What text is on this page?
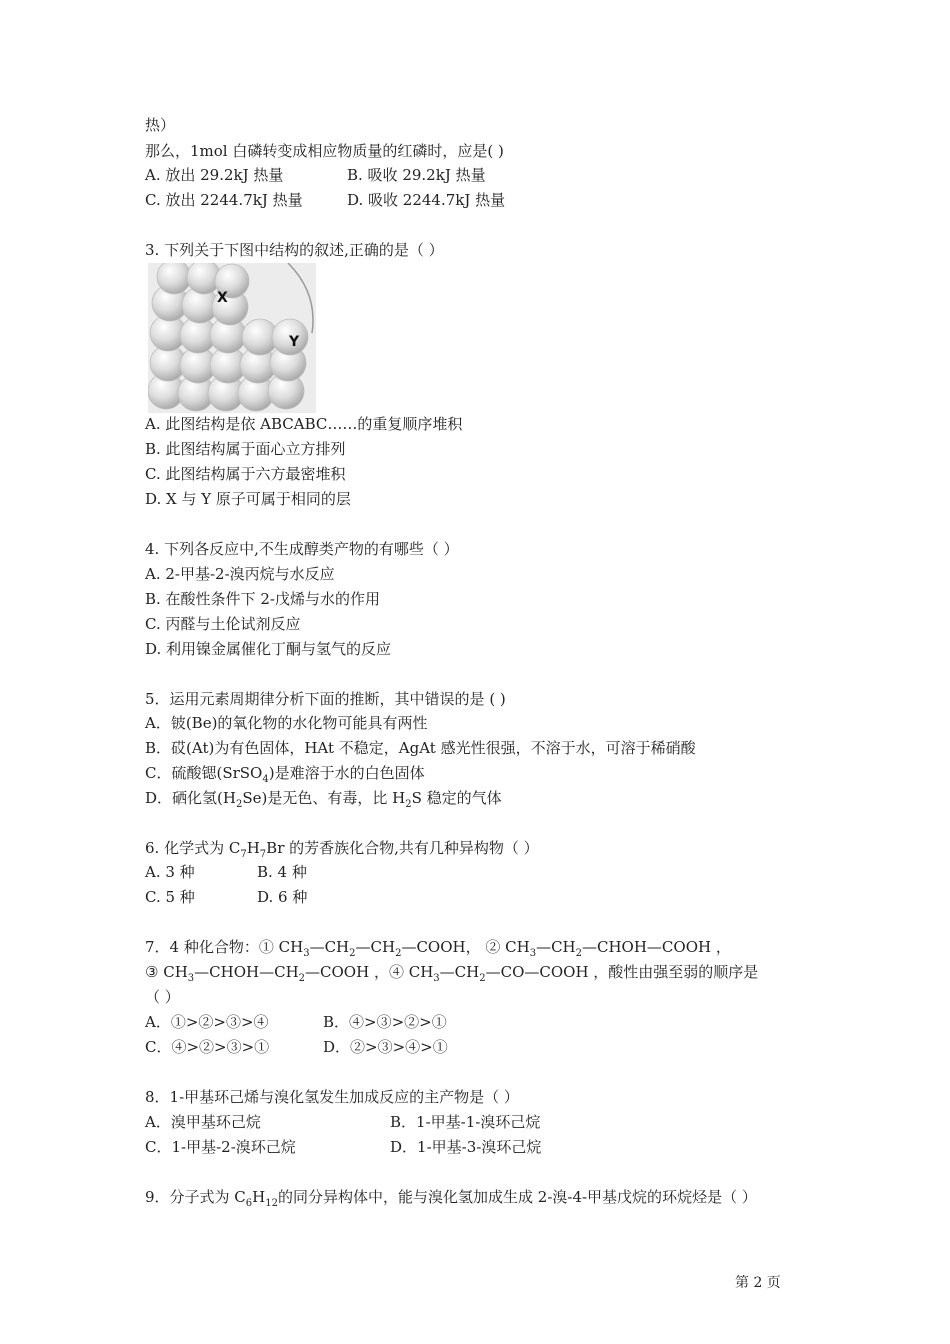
热）
那么，1mol 白磷转变成相应物质量的红磷时，应是( )
A. 放出 29.2kJ 热量	B. 吸收 29.2kJ 热量
C. 放出 2244.7kJ 热量	D. 吸收 2244.7kJ 热量
3. 下列关于下图中结构的叙述,正确的是（ ）
X
Y
A. 此图结构是依 ABCABC……的重复顺序堆积
B. 此图结构属于面心立方排列
C. 此图结构属于六方最密堆积
D. X 与 Y 原子可属于相同的层
4. 下列各反应中,不生成醇类产物的有哪些（ ）
A. 2-甲基-2-溴丙烷与水反应
B. 在酸性条件下 2-戊烯与水的作用
C. 丙醛与土伦试剂反应
D. 利用镍金属催化丁酮与氢气的反应
5．运用元素周期律分析下面的推断，其中错误的是 ( )
A．铍(Be)的氧化物的水化物可能具有两性
B．砹(At)为有色固体，HAt 不稳定，AgAt 感光性很强，不溶于水，可溶于稀硝酸
C．硫酸锶(SrSO$_4$)是难溶于水的白色固体
D．硒化氢$(H_2Se)$是无色、有毒，比 $H_2S$ 稳定的气体
6. 化学式为 $C_7H_7Br$ 的芳香族化合物,共有几种异构物（ ）
A. 3 种	B. 4 种
C. 5 种	D. 6 种
7．4 种化合物：① $CH_3—CH_2—CH_2—COOH$， ② $CH_3—CH_2—CHOH—COOH$ ，
③ $CH_3—CHOH—CH_2—COOH$ ，④ $CH_3—CH_2—CO—COOH$ ，酸性由强至弱的顺序是
（ ）
A．①>②>③>④	B．④>③>②>①
C．④>②>③>①	D．②>③>④>①
8．1-甲基环己烯与溴化氢发生加成反应的主产物是（ ）
A．溴甲基环己烷	B．1-甲基-1-溴环己烷
C．1-甲基-2-溴环己烷	D．1-甲基-3-溴环己烷
9．分子式为 $C_6H_{12}$的同分异构体中，能与溴化氢加成生成 2-溴-4-甲基戊烷的环烷烃是（ ）
第 2 页
